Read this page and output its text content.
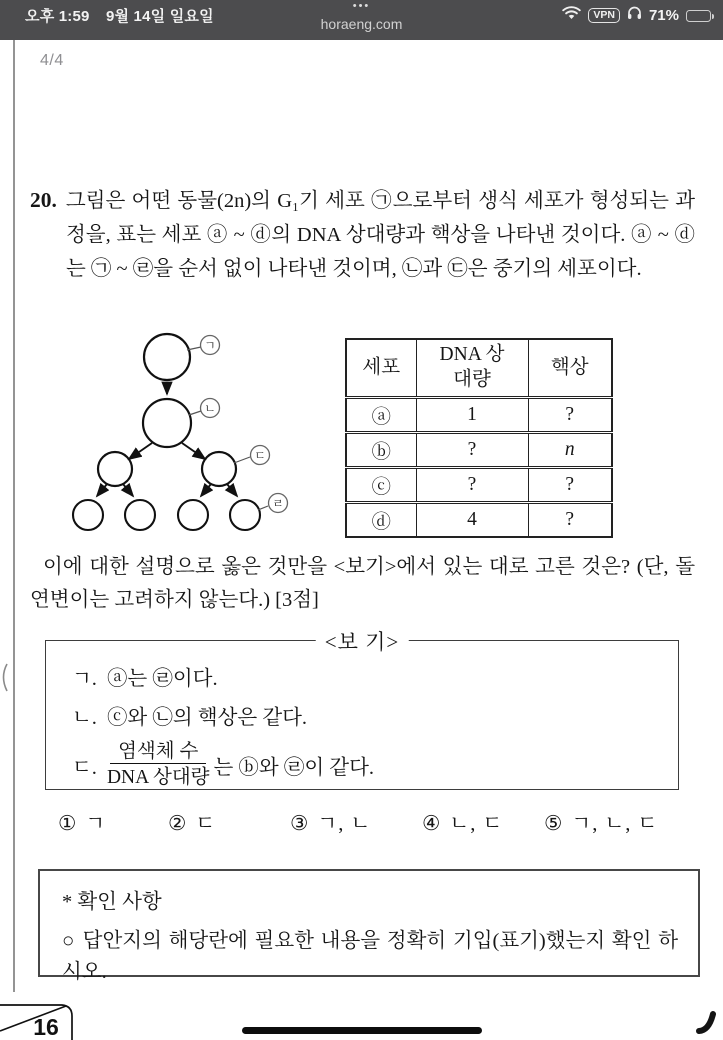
오후 1:59 9월 14일 일요일
•••
horaeng.com
VPN	71%
4/4

20. 그림은 어떤 동물(2n)의 G₁기 세포 ㉠으로부터 생식 세포가 형성되는 과정을, 표는 세포 ⓐ ~ ⓓ의 DNA 상대량과 핵상을 나타낸 것이다. ⓐ ~ ⓓ는 ㉠ ~ ㉣을 순서 없이 나타낸 것이며, ㉡과 ㉢은 중기의 세포이다.

ㄱ
ㄴ
ㄷ
ㄹ
세포	DNA 상대량	핵상
ⓐ	1	?
ⓑ	?	n
ⓒ	?	?
ⓓ	4	?

이에 대한 설명으로 옳은 것만을 <보기>에서 있는 대로 고른 것은? (단, 돌연변이는 고려하지 않는다.) [3점]

<보 기>
ㄱ. ⓐ는 ㉣이다.
ㄴ. ⓒ와 ㉡의 핵상은 같다.
ㄷ. $\frac{\text{염색체 수}}{\text{DNA 상대량}}$ 는 ⓑ와 ㉣이 같다.
① ㄱ	② ㄷ	③ ㄱ, ㄴ ④ ㄴ, ㄷ ⑤ ㄱ, ㄴ, ㄷ

* 확인 사항

○ 답안지의 해당란에 필요한 내용을 정확히 기입(표기)했는지 확인 하시오.

16
